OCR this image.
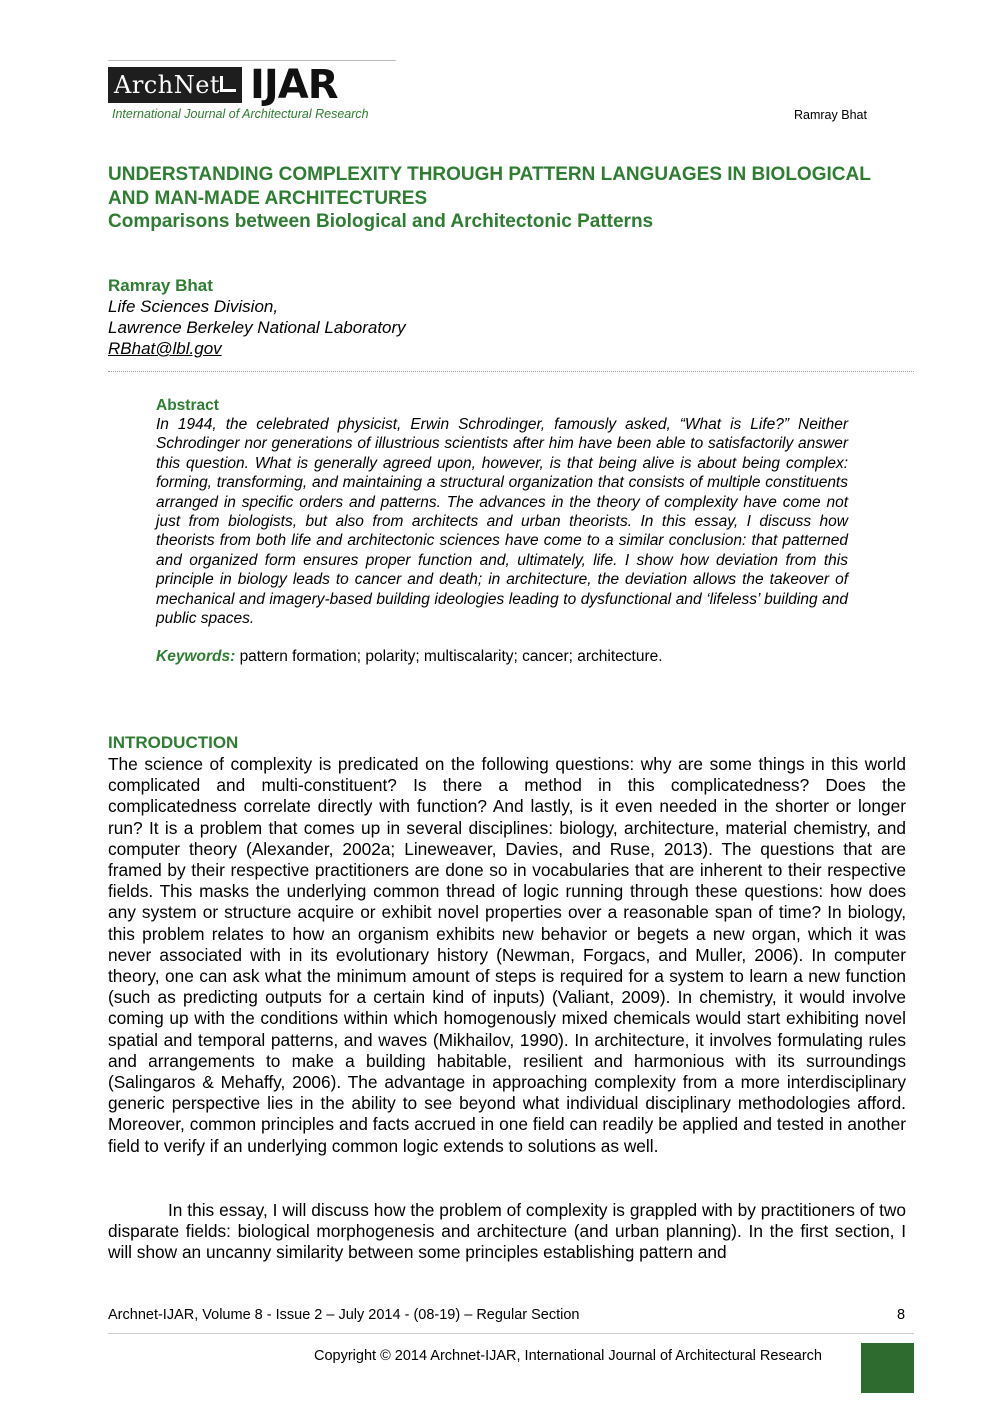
ArchNet IJAR
International Journal of Architectural Research	Ramray Bhat
UNDERSTANDING COMPLEXITY THROUGH PATTERN LANGUAGES IN BIOLOGICAL AND MAN-MADE ARCHITECTURES
Comparisons between Biological and Architectonic Patterns
Ramray Bhat
Life Sciences Division,
Lawrence Berkeley National Laboratory
RBhat@lbl.gov
Abstract

In 1944, the celebrated physicist, Erwin Schrodinger, famously asked, “What is Life?” Neither Schrodinger nor generations of illustrious scientists after him have been able to satisfactorily answer this question. What is generally agreed upon, however, is that being alive is about being complex: forming, transforming, and maintaining a structural organization that consists of multiple constituents arranged in specific orders and patterns. The advances in the theory of complexity have come not just from biologists, but also from architects and urban theorists. In this essay, I discuss how theorists from both life and architectonic sciences have come to a similar conclusion: that patterned and organized form ensures proper function and, ultimately, life. I show how deviation from this principle in biology leads to cancer and death; in architecture, the deviation allows the takeover of mechanical and imagery-based building ideologies leading to dysfunctional and ‘lifeless’ building and public spaces.

Keywords: pattern formation; polarity; multiscalarity; cancer; architecture.
INTRODUCTION

The science of complexity is predicated on the following questions: why are some things in this world complicated and multi-constituent? Is there a method in this complicatedness? Does the complicatedness correlate directly with function? And lastly, is it even needed in the shorter or longer run? It is a problem that comes up in several disciplines: biology, architecture, material chemistry, and computer theory (Alexander, 2002a; Lineweaver, Davies, and Ruse, 2013). The questions that are framed by their respective practitioners are done so in vocabularies that are inherent to their respective fields. This masks the underlying common thread of logic running through these questions: how does any system or structure acquire or exhibit novel properties over a reasonable span of time? In biology, this problem relates to how an organism exhibits new behavior or begets a new organ, which it was never associated with in its evolutionary history (Newman, Forgacs, and Muller, 2006). In computer theory, one can ask what the minimum amount of steps is required for a system to learn a new function (such as predicting outputs for a certain kind of inputs) (Valiant, 2009). In chemistry, it would involve coming up with the conditions within which homogenously mixed chemicals would start exhibiting novel spatial and temporal patterns, and waves (Mikhailov, 1990). In architecture, it involves formulating rules and arrangements to make a building habitable, resilient and harmonious with its surroundings (Salingaros & Mehaffy, 2006). The advantage in approaching complexity from a more interdisciplinary generic perspective lies in the ability to see beyond what individual disciplinary methodologies afford. Moreover, common principles and facts accrued in one field can readily be applied and tested in another field to verify if an underlying common logic extends to solutions as well.

In this essay, I will discuss how the problem of complexity is grappled with by practitioners of two disparate fields: biological morphogenesis and architecture (and urban planning). In the first section, I will show an uncanny similarity between some principles establishing pattern and

Archnet-IJAR, Volume 8 - Issue 2 – July 2014 - (08-19) – Regular Section	8
Copyright © 2014 Archnet-IJAR, International Journal of Architectural Research
